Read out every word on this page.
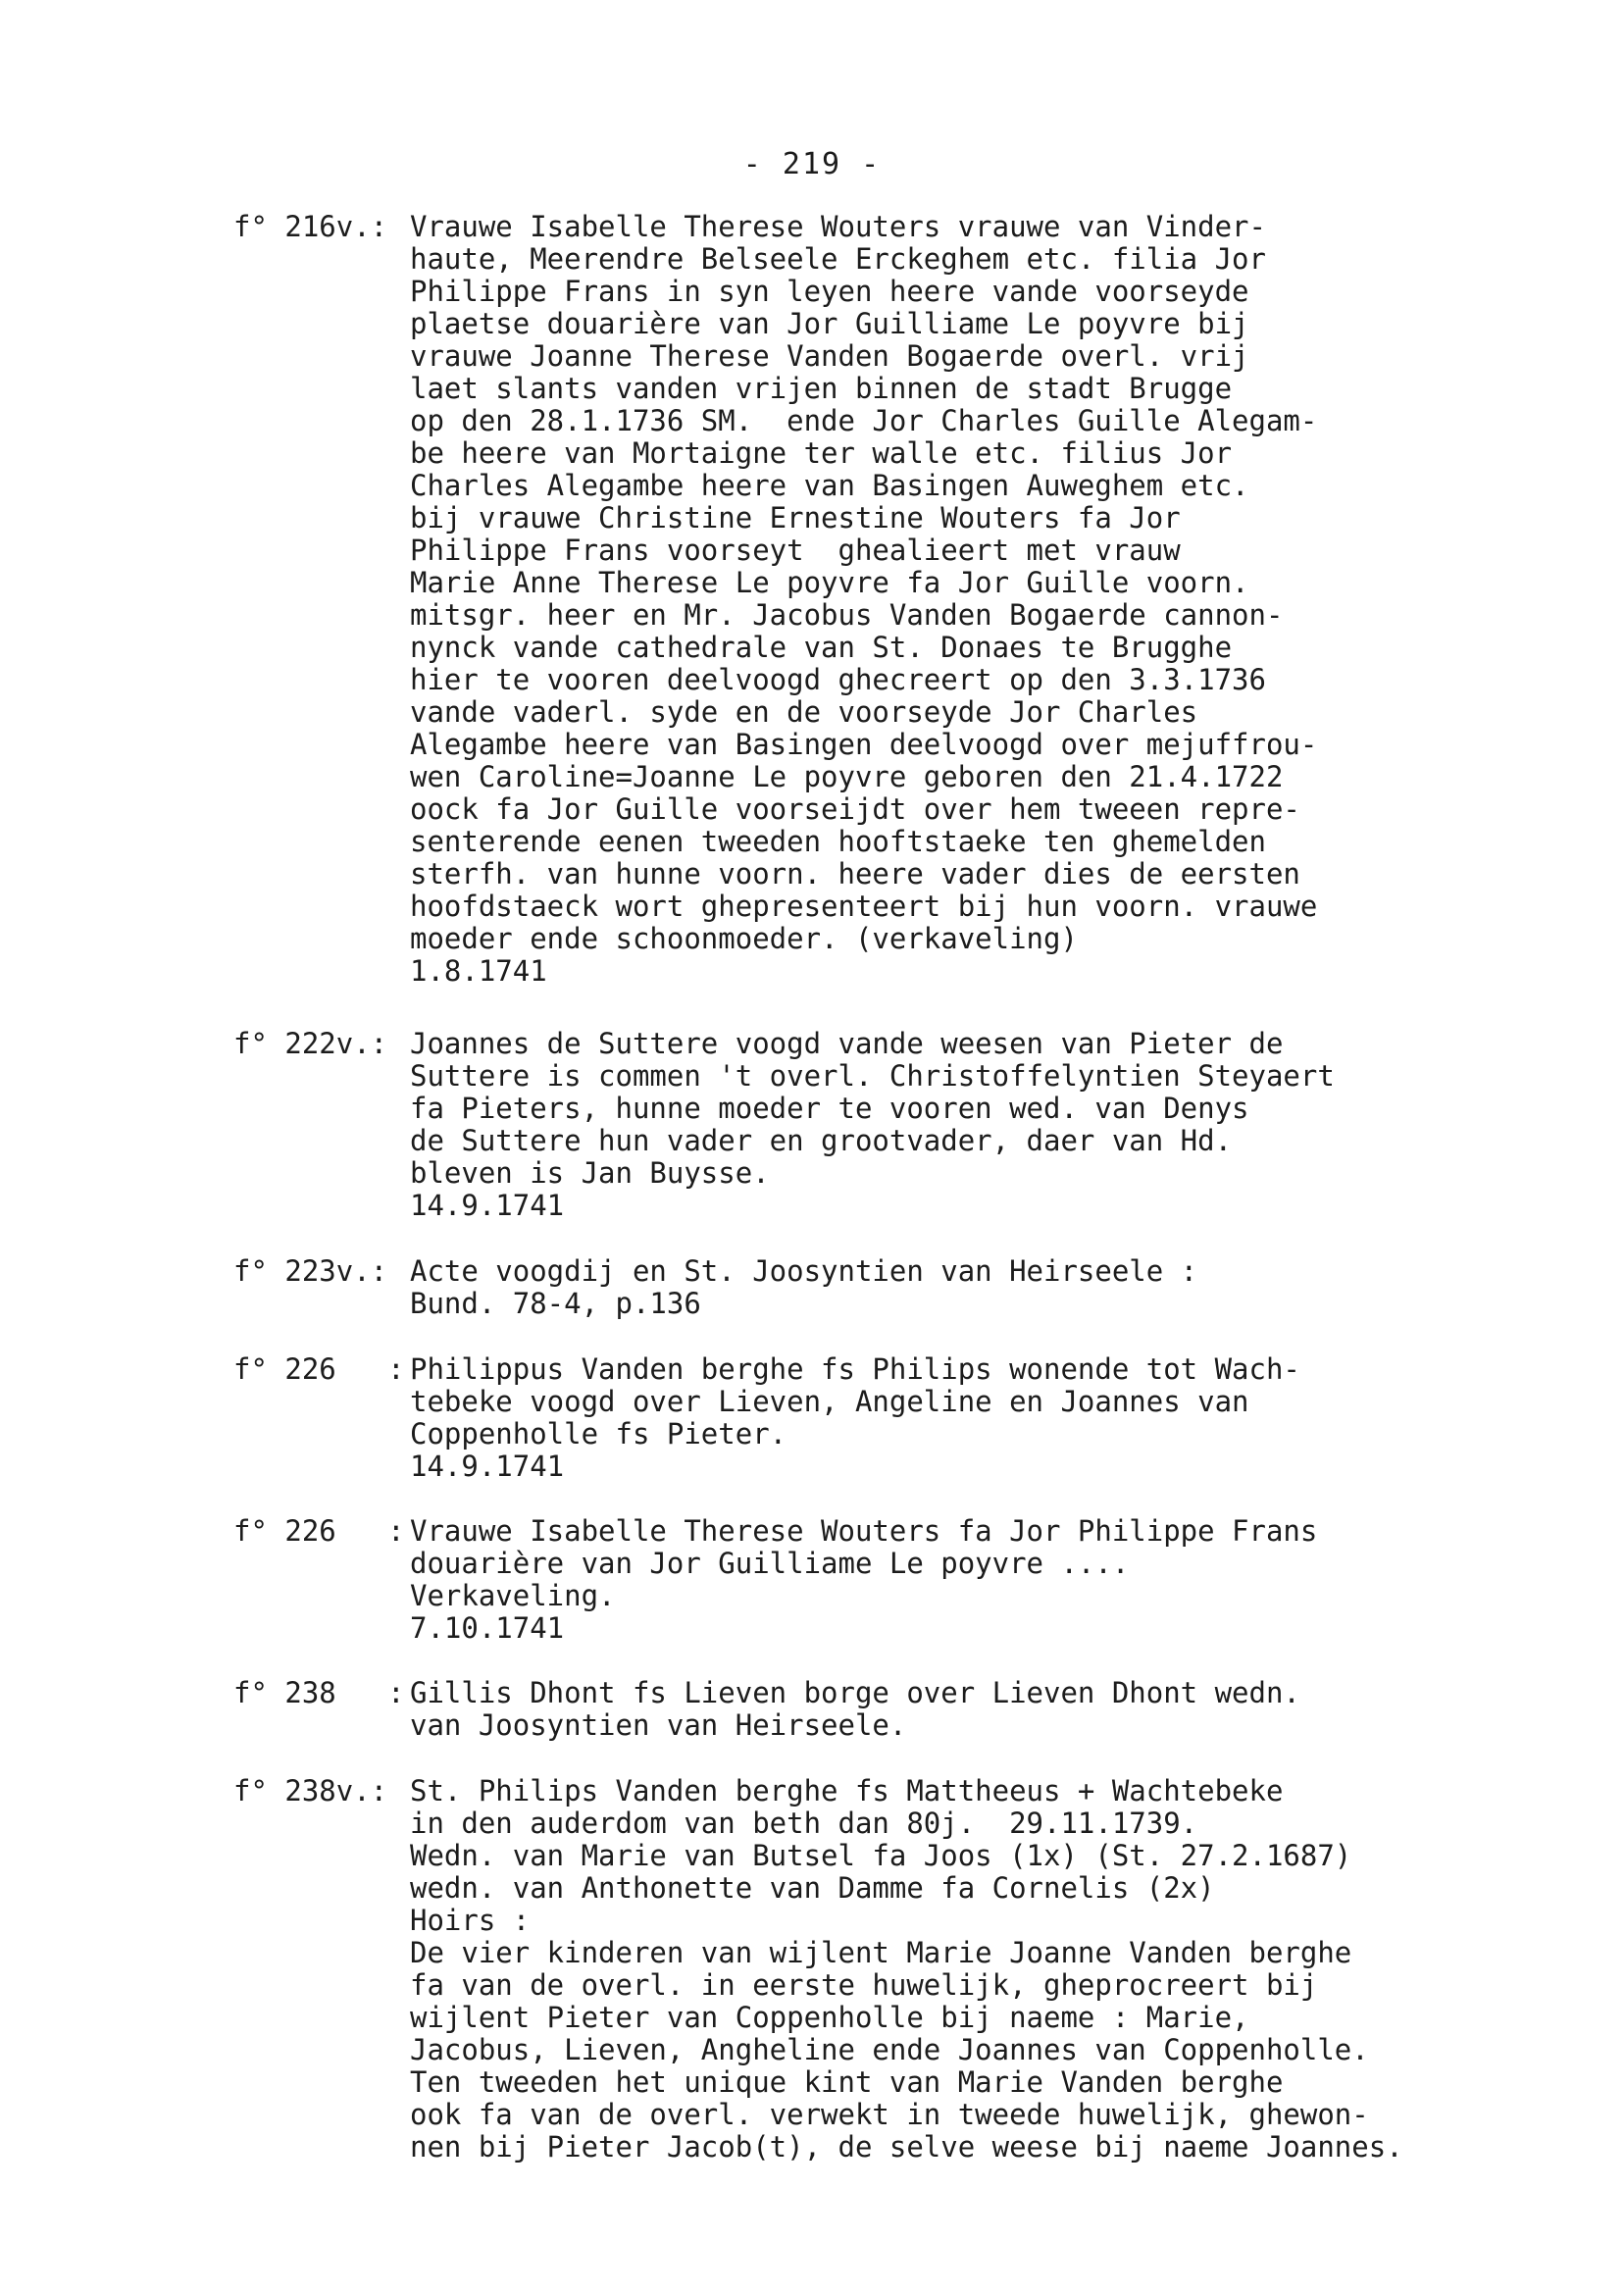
- 219 -
f° 216v.: Vrauwe Isabelle Therese Wouters vrauwe van Vinder-
haute, Meerendre Belseele Erckeghem etc. filia Jor
Philippe Frans in syn leyen heere vande voorseyde
plaetse douarière van Jor Guilliame Le poyvre bij
vrauwe Joanne Therese Vanden Bogaerde overl. vrij
laet slants vanden vrijen binnen de stadt Brugge
op den 28.1.1736 SM.  ende Jor Charles Guille Alegam-
be heere van Mortaigne ter walle etc. filius Jor
Charles Alegambe heere van Basingen Auweghem etc.
bij vrauwe Christine Ernestine Wouters fa Jor
Philippe Frans voorseyt  ghealieert met vrauw
Marie Anne Therese Le poyvre fa Jor Guille voorn.
mitsgr. heer en Mr. Jacobus Vanden Bogaerde cannon-
nynck vande cathedrale van St. Donaes te Brugghe
hier te vooren deelvoogd ghecreert op den 3.3.1736
vande vaderl. syde en de voorseyde Jor Charles
Alegambe heere van Basingen deelvoogd over mejuffrou-
wen Caroline=Joanne Le poyvre geboren den 21.4.1722
oock fa Jor Guille voorseijdt over hem tweeen repre-
senterende eenen tweeden hooftstaeke ten ghemelden
sterfh. van hunne voorn. heere vader dies de eersten
hoofdstaeck wort ghepresenteert bij hun voorn. vrauwe
moeder ende schoonmoeder. (verkaveling)
1.8.1741
f° 222v.: Joannes de Suttere voogd vande weesen van Pieter de
Suttere is commen 't overl. Christoffelyntien Steyaert
fa Pieters, hunne moeder te vooren wed. van Denys
de Suttere hun vader en grootvader, daer van Hd.
bleven is Jan Buysse.
14.9.1741
f° 223v.: Acte voogdij en St. Joosyntien van Heirseele :
Bund. 78-4, p.136
f° 226   : Philippus Vanden berghe fs Philips wonende tot Wach-
tebeke voogd over Lieven, Angeline en Joannes van
Coppenholle fs Pieter.
14.9.1741
f° 226   : Vrauwe Isabelle Therese Wouters fa Jor Philippe Frans
douarière van Jor Guilliame Le poyvre ....
Verkaveling.
7.10.1741
f° 238   : Gillis Dhont fs Lieven borge over Lieven Dhont wedn.
van Joosyntien van Heirseele.
f° 238v.: St. Philips Vanden berghe fs Mattheeus + Wachtebeke
in den auderdom van beth dan 80j.  29.11.1739.
Wedn. van Marie van Butsel fa Joos (1x) (St. 27.2.1687)
wedn. van Anthonette van Damme fa Cornelis (2x)
Hoirs :
De vier kinderen van wijlent Marie Joanne Vanden berghe
fa van de overl. in eerste huwelijk, gheprocreert bij
wijlent Pieter van Coppenholle bij naeme : Marie,
Jacobus, Lieven, Angheline ende Joannes van Coppenholle.
Ten tweeden het unique kint van Marie Vanden berghe
ook fa van de overl. verwekt in tweede huwelijk, ghewon-
nen bij Pieter Jacob(t), de selve weese bij naeme Joannes.
